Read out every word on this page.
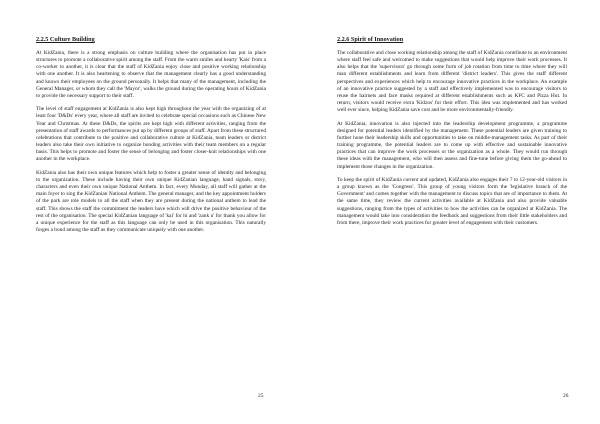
2.2.5 Culture Building

At KidZania, there is a strong emphasis on culture building where the organisation has put in place structures to promote a collaborative spirit among the staff. From the warm smiles and hearty 'Kais' from a co-worker to another, it is clear that the staff of KidZania enjoy close and positive working relationship with one another. It is also heartening to observe that the management clearly has a good understanding and knows their employees on the ground personally. It helps that many of the management, including the General Manager, or whom they call the 'Mayor', walks the ground during the operating hours of KidZania to provide the necessary support to their staff.

The level of staff engagement at KidZania is also kept high throughout the year with the organizing of at least four 'D&Ds' every year, where all staff are invited to celebrate special occasions such as Chinese New Year and Christmas. At these D&Ds, the spirits are kept high with different activities, ranging from the presentation of staff awards to performances put up by different groups of staff. Apart from these structured celebrations that contribute to the positive and collaborative culture at KidZania, team leaders or district leaders also take their own initiative to organize bonding activities with their team members on a regular basis. This helps to promote and foster the sense of belonging and foster closer-knit relationships with one another in the workplace.

KidZania also has their own unique features which help to foster a greater sense of identity and belonging to the organization. These include having their own unique KidZanian language, hand signals, story, characters and even their own unique National Anthem. In fact, every Monday, all staff will gather at the main foyer to sing the KidZanian National Anthem. The general manager, and the key appointment holders of the park are role models to all the staff when they are present during the national anthem to lead the staff. This shows the staff the commitment the leaders have which will drive the positive behaviour of the rest of the organisation. The special KidZanian language of 'kai' for hi and 'zank u' for thank you allow for a unique experience for the staff as this language can only be used in this organisation. This naturally forges a bond among the staff as they communicate uniquely with one another.

25
2.2.6 Spirit of Innovation

The collaborative and close working relationship among the staff of KidZania contribute to an environment where staff feel safe and welcomed to make suggestions that would help improve their work processes. It also helps that the 'supervisors' go through some form of job rotation from time to time where they will man different establishments and learn from different 'district leaders'. This gives the staff different perspectives and experiences which help to encourage innovative practices in the workplace. An example of an innovative practice suggested by a staff and effectively implemented was to encourage visitors to reuse the hairnets and face masks required at different establishments such as KFC and Pizza Hut. In return, visitors would receive extra 'Kidzos' for their effort. This idea was implemented and has worked well ever since, helping KidZania save cost and be more environmentally-friendly.

At KidZania, innovation is also injected into the leadership development programme, a programme designed for potential leaders identified by the management. These potential leaders are given training to further hone their leadership skills and opportunities to take on middle-management tasks. As part of their training programme, the potential leaders are to come up with effective and sustainable innovative practices that can improve the work processes or the organization as a whole. They would run through these ideas with the management, who will then assess and fine-tune before giving them the go-ahead to implement those changes in the organization.

To keep the spirit of KidZania current and updated, KidZania also engages their 7 to 12-year-old visitors in a group known as the 'Congress'. This group of young visitors form the 'legislative branch of the Government' and comes together with the management to discuss topics that are of importance to them. At the same time, they review the current activities available at KidZania and also provide valuable suggestions, ranging from the types of activities to how the activities can be organized at KidZania. The management would take into consideration the feedback and suggestions from their little stakeholders and from there, improve their work practices for greater level of engagement with their customers.

26
